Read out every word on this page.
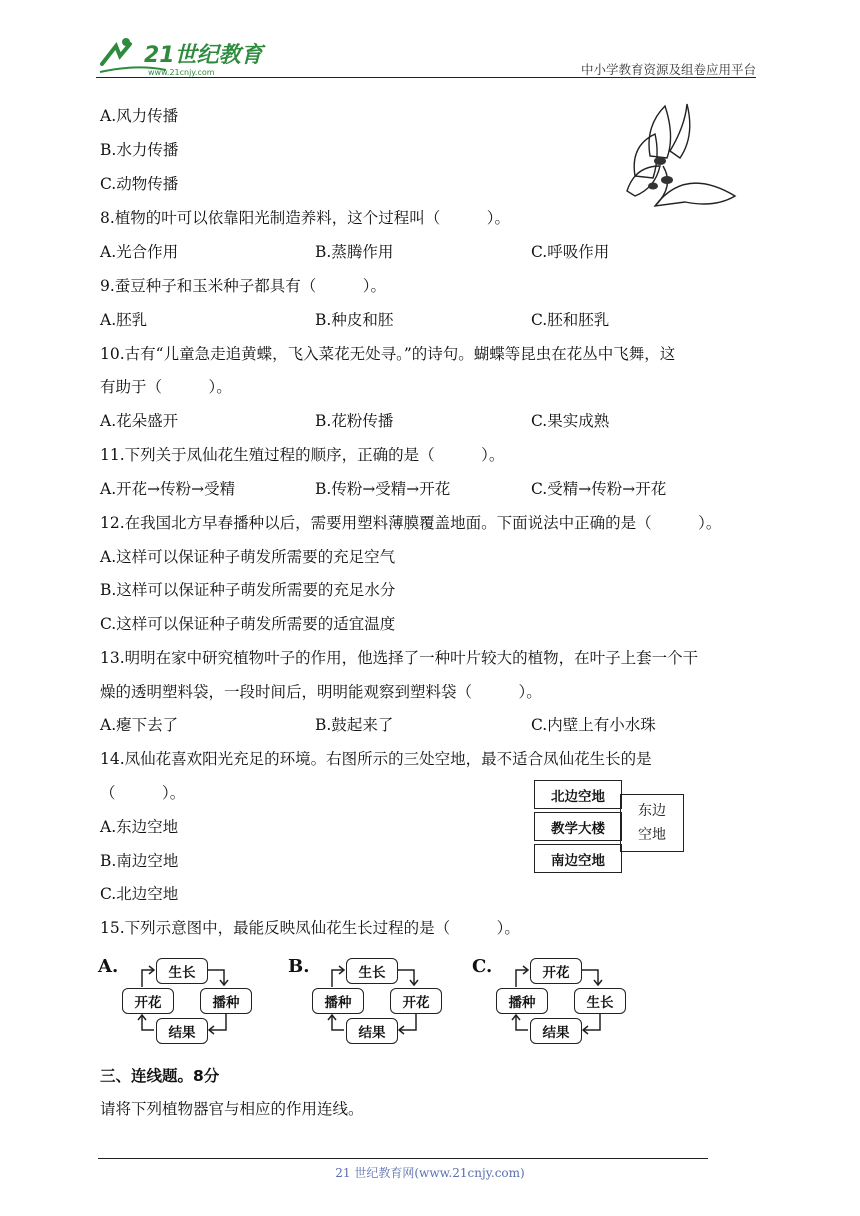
21世纪教育
www.21cnjy.com	中小学教育资源及组卷应用平台
A.风力传播
B.水力传播
C.动物传播
8.植物的叶可以依靠阳光制造养料，这个过程叫（　　　）。
A.光合作用	B.蒸腾作用	C.呼吸作用
9.蚕豆种子和玉米种子都具有（　　　）。
A.胚乳	B.种皮和胚	C.胚和胚乳
10.古有“儿童急走追黄蝶，飞入菜花无处寻。”的诗句。蝴蝶等昆虫在花丛中飞舞，这
有助于（　　　）。
A.花朵盛开	B.花粉传播	C.果实成熟
11.下列关于凤仙花生殖过程的顺序，正确的是（　　　）。
A.开花→传粉→受精	B.传粉→受精→开花	C.受精→传粉→开花
12.在我国北方早春播种以后，需要用塑料薄膜覆盖地面。下面说法中正确的是（　　　）。
A.这样可以保证种子萌发所需要的充足空气
B.这样可以保证种子萌发所需要的充足水分
C.这样可以保证种子萌发所需要的适宜温度
13.明明在家中研究植物叶子的作用，他选择了一种叶片较大的植物，在叶子上套一个干
燥的透明塑料袋，一段时间后，明明能观察到塑料袋（　　　）。
A.瘪下去了	B.鼓起来了	C.内壁上有小水珠
14.凤仙花喜欢阳光充足的环境。右图所示的三处空地，最不适合凤仙花生长的是
（　　　）。
A.东边空地
B.南边空地
C.北边空地
北边空地
教学大楼
南边空地
东边
空地
15.下列示意图中，最能反映凤仙花生长过程的是（　　　）。
A.	生长
开花	播种
结果
B.	生长
播种	开花
结果
C.	开花
播种	生长
结果
三、连线题。8分
请将下列植物器官与相应的作用连线。
21 世纪教育网(www.21cnjy.com)
